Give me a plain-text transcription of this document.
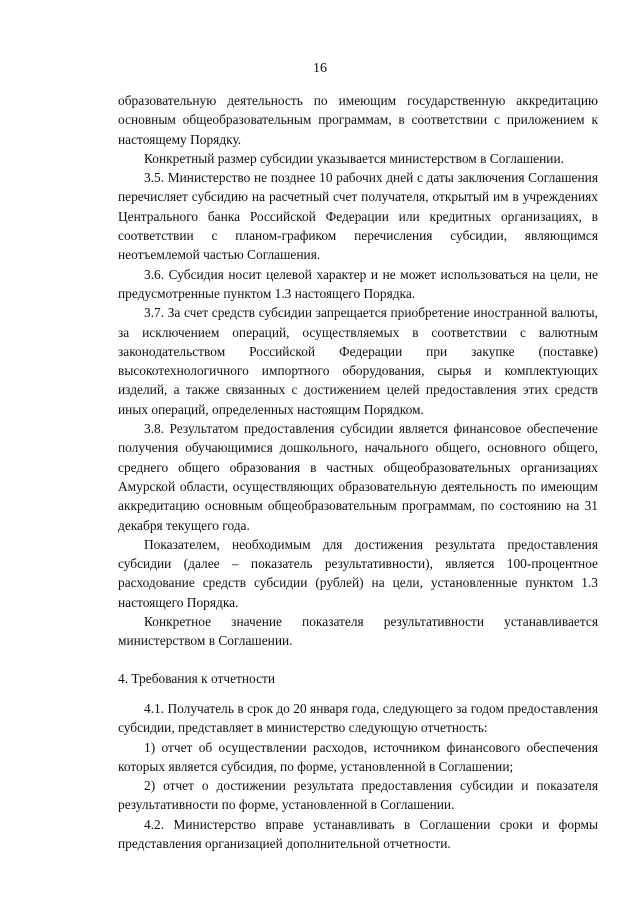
16

образовательную деятельность по имеющим государственную аккредитацию основным общеобразовательным программам, в соответствии с приложением к настоящему Порядку.

Конкретный размер субсидии указывается министерством в Соглашении.

3.5. Министерство не позднее 10 рабочих дней с даты заключения Соглашения перечисляет субсидию на расчетный счет получателя, открытый им в учреждениях Центрального банка Российской Федерации или кредитных организациях, в соответствии с планом-графиком перечисления субсидии, являющимся неотъемлемой частью Соглашения.

3.6. Субсидия носит целевой характер и не может использоваться на цели, не предусмотренные пунктом 1.3 настоящего Порядка.

3.7. За счет средств субсидии запрещается приобретение иностранной валюты, за исключением операций, осуществляемых в соответствии с валютным законодательством Российской Федерации при закупке (поставке) высокотехнологичного импортного оборудования, сырья и комплектующих изделий, а также связанных с достижением целей предоставления этих средств иных операций, определенных настоящим Порядком.

3.8. Результатом предоставления субсидии является финансовое обеспечение получения обучающимися дошкольного, начального общего, основного общего, среднего общего образования в частных общеобразовательных организациях Амурской области, осуществляющих образовательную деятельность по имеющим аккредитацию основным общеобразовательным программам, по состоянию на 31 декабря текущего года.

Показателем, необходимым для достижения результата предоставления субсидии (далее – показатель результативности), является 100-процентное расходование средств субсидии (рублей) на цели, установленные пунктом 1.3 настоящего Порядка.

Конкретное значение показателя результативности устанавливается министерством в Соглашении.

4. Требования к отчетности

4.1. Получатель в срок до 20 января года, следующего за годом предоставления субсидии, представляет в министерство следующую отчетность:

1) отчет об осуществлении расходов, источником финансового обеспечения которых является субсидия, по форме, установленной в Соглашении;

2) отчет о достижении результата предоставления субсидии и показателя результативности по форме, установленной в Соглашении.

4.2. Министерство вправе устанавливать в Соглашении сроки и формы представления организацией дополнительной отчетности.
